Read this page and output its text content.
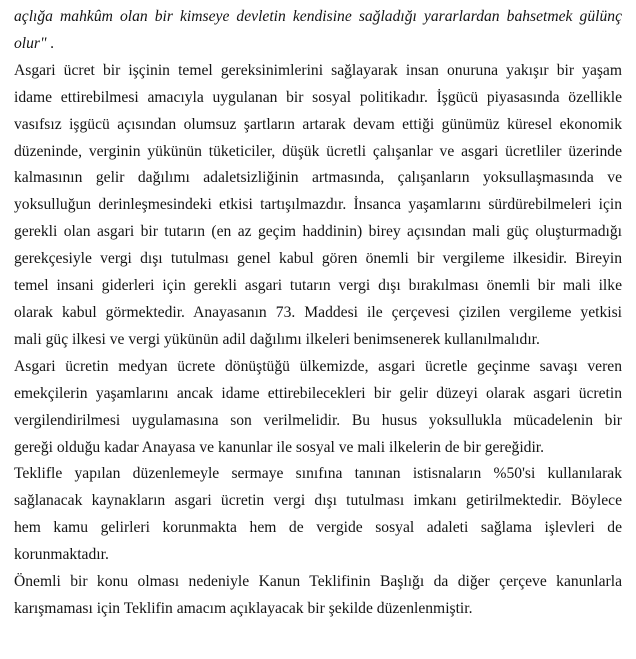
açlığa mahkûm olan bir kimseye devletin kendisine sağladığı yararlardan bahsetmek gülünç
olur" .

Asgari ücret bir işçinin temel gereksinimlerini sağlayarak insan onuruna yakışır bir yaşam
idame ettirebilmesi amacıyla uygulanan bir sosyal politikadır. İşgücü piyasasında özellikle
vasıfsız işgücü açısından olumsuz şartların artarak devam ettiği günümüz küresel ekonomik
düzeninde, verginin yükünün tüketiciler, düşük ücretli çalışanlar ve asgari ücretliler üzerinde
kalmasının gelir dağılımı adaletsizliğinin artmasında, çalışanların yoksullaşmasında ve
yoksulluğun derinleşmesindeki etkisi tartışılmazdır. İnsanca yaşamlarını sürdürebilmeleri için
gerekli olan asgari bir tutarın (en az geçim haddinin) birey açısından mali güç oluşturmadığı
gerekçesiyle vergi dışı tutulması genel kabul gören önemli bir vergileme ilkesidir. Bireyin
temel insani giderleri için gerekli asgari tutarın vergi dışı bırakılması önemli bir mali ilke
olarak kabul görmektedir. Anayasanın 73. Maddesi ile çerçevesi çizilen vergileme yetkisi
mali güç ilkesi ve vergi yükünün adil dağılımı ilkeleri benimsenerek kullanılmalıdır.

Asgari ücretin medyan ücrete dönüştüğü ülkemizde, asgari ücretle geçinme savaşı veren
emekçilerin yaşamlarını ancak idame ettirebilecekleri bir gelir düzeyi olarak asgari ücretin
vergilendirilmesi uygulamasına son verilmelidir. Bu husus yoksullukla mücadelenin bir
gereği olduğu kadar Anayasa ve kanunlar ile sosyal ve mali ilkelerin de bir gereğidir.

Teklifle yapılan düzenlemeyle sermaye sınıfına tanınan istisnaların %50'si kullanılarak
sağlanacak kaynakların asgari ücretin vergi dışı tutulması imkanı getirilmektedir. Böylece
hem kamu gelirleri korunmakta hem de vergide sosyal adaleti sağlama işlevleri de
korunmaktadır.

Önemli bir konu olması nedeniyle Kanun Teklifinin Başlığı da diğer çerçeve kanunlarla
karışmaması için Teklifin amacım açıklayacak bir şekilde düzenlenmiştir.
